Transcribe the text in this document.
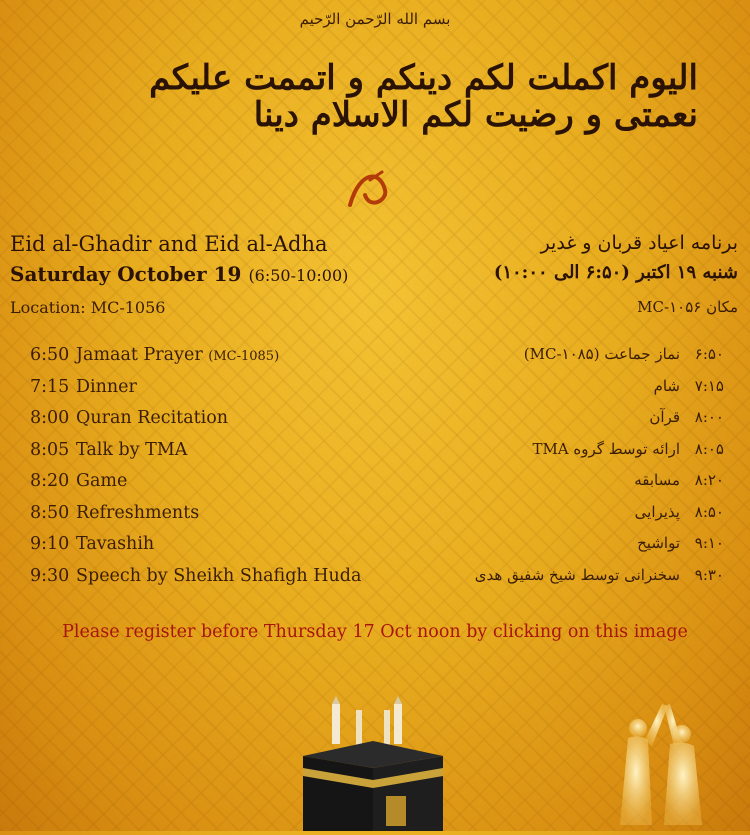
بسم الله الرّحمن الرّحیم
الیوم اکملت لکم دینکم و اتممت علیکم نعمتی و رضیت لکم الاسلام دینا
Eid al-Ghadir and Eid al-Adha
Saturday October 19 (6:50-10:00)
Location: MC-1056
برنامه اعیاد قربان و غدیر
شنبه ۱۹ اکتبر (۶:۵۰ الی ۱۰:۰۰)
مکان MC-۱۰۵۶
6:50 Jamaat Prayer (MC-1085)	۶:۵۰نماز جماعت (MC-۱۰۸۵)
7:15 Dinner	۷:۱۵شام
8:00 Quran Recitation	۸:۰۰قرآن
8:05 Talk by TMA	۸:۰۵ارائه توسط گروه TMA
8:20 Game	۸:۲۰مسابقه
8:50 Refreshments	۸:۵۰پذیرایی
9:10 Tavashih	۹:۱۰تواشیح
9:30 Speech by Sheikh Shafigh Huda	۹:۳۰سخنرانی توسط شیخ شفیق هدی
Please register before Thursday 17 Oct noon by clicking on this image
